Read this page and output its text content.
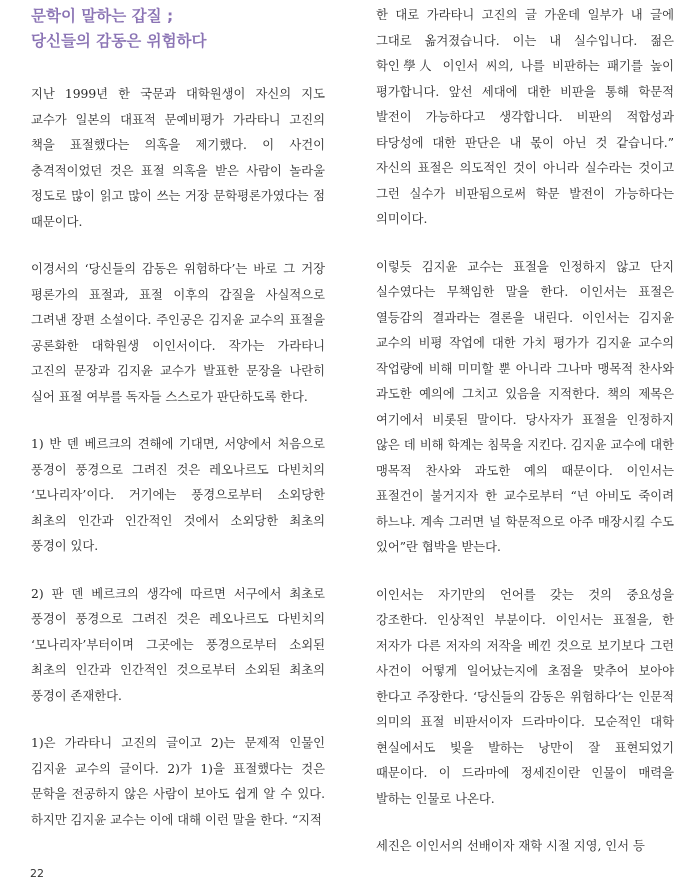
문학이 말하는 갑질 ;
당신들의 감동은 위험하다

지난 1999년 한 국문과 대학원생이 자신의 지도 교수가 일본의 대표적 문예비평가 가라타니 고진의 책을 표절했다는 의혹을 제기했다. 이 사건이 충격적이었던 것은 표절 의혹을 받은 사람이 놀라울 정도로 많이 읽고 많이 쓰는 거장 문학평론가였다는 점 때문이다.

이경서의 ‘당신들의 감동은 위험하다’는 바로 그 거장 평론가의 표절과, 표절 이후의 갑질을 사실적으로 그려낸 장편 소설이다. 주인공은 김지윤 교수의 표절을 공론화한 대학원생 이인서이다. 작가는 가라타니 고진의 문장과 김지윤 교수가 발표한 문장을 나란히 실어 표절 여부를 독자들 스스로가 판단하도록 한다.

1) 반 덴 베르크의 견해에 기대면, 서양에서 처음으로 풍경이 풍경으로 그려진 것은 레오나르도 다빈치의 ‘모나리자’이다. 거기에는 풍경으로부터 소외당한 최초의 인간과 인간적인 것에서 소외당한 최초의 풍경이 있다.

2) 판 덴 베르크의 생각에 따르면 서구에서 최초로 풍경이 풍경으로 그려진 것은 레오나르도 다빈치의 ‘모나리자’부터이며 그곳에는 풍경으로부터 소외된 최초의 인간과 인간적인 것으로부터 소외된 최초의 풍경이 존재한다.

1)은 가라타니 고진의 글이고 2)는 문제적 인물인 김지윤 교수의 글이다. 2)가 1)을 표절했다는 것은 문학을 전공하지 않은 사람이 보아도 쉽게 알 수 있다. 하지만 김지윤 교수는 이에 대해 이런 말을 한다. “지적

한 대로 가라타니 고진의 글 가운데 일부가 내 글에 그대로 옮겨졌습니다. 이는 내 실수입니다. 젊은 학인學人 이인서 씨의, 나를 비판하는 패기를 높이 평가합니다. 앞선 세대에 대한 비판을 통해 학문적 발전이 가능하다고 생각합니다. 비판의 적합성과 타당성에 대한 판단은 내 몫이 아닌 것 같습니다.” 자신의 표절은 의도적인 것이 아니라 실수라는 것이고 그런 실수가 비판됨으로써 학문 발전이 가능하다는 의미이다.

이렇듯 김지윤 교수는 표절을 인정하지 않고 단지 실수였다는 무책임한 말을 한다. 이인서는 표절은 열등감의 결과라는 결론을 내린다. 이인서는 김지윤 교수의 비평 작업에 대한 가치 평가가 김지윤 교수의 작업량에 비해 미미할 뿐 아니라 그나마 맹목적 찬사와 과도한 예의에 그치고 있음을 지적한다. 책의 제목은 여기에서 비롯된 말이다. 당사자가 표절을 인정하지 않은 데 비해 학계는 침묵을 지킨다. 김지윤 교수에 대한 맹목적 찬사와 과도한 예의 때문이다. 이인서는 표절건이 불거지자 한 교수로부터 “넌 아비도 죽이려 하느냐. 계속 그러면 널 학문적으로 아주 매장시킬 수도 있어”란 협박을 받는다.

이인서는 자기만의 언어를 갖는 것의 중요성을 강조한다. 인상적인 부분이다. 이인서는 표절을, 한 저자가 다른 저자의 저작을 베낀 것으로 보기보다 그런 사건이 어떻게 일어났는지에 초점을 맞추어 보아야 한다고 주장한다. ‘당신들의 감동은 위험하다’는 인문적 의미의 표절 비판서이자 드라마이다. 모순적인 대학 현실에서도 빛을 발하는 낭만이 잘 표현되었기 때문이다. 이 드라마에 정세진이란 인물이 매력을 발하는 인물로 나온다.

세진은 이인서의 선배이자 재학 시절 지영, 인서 등

22
